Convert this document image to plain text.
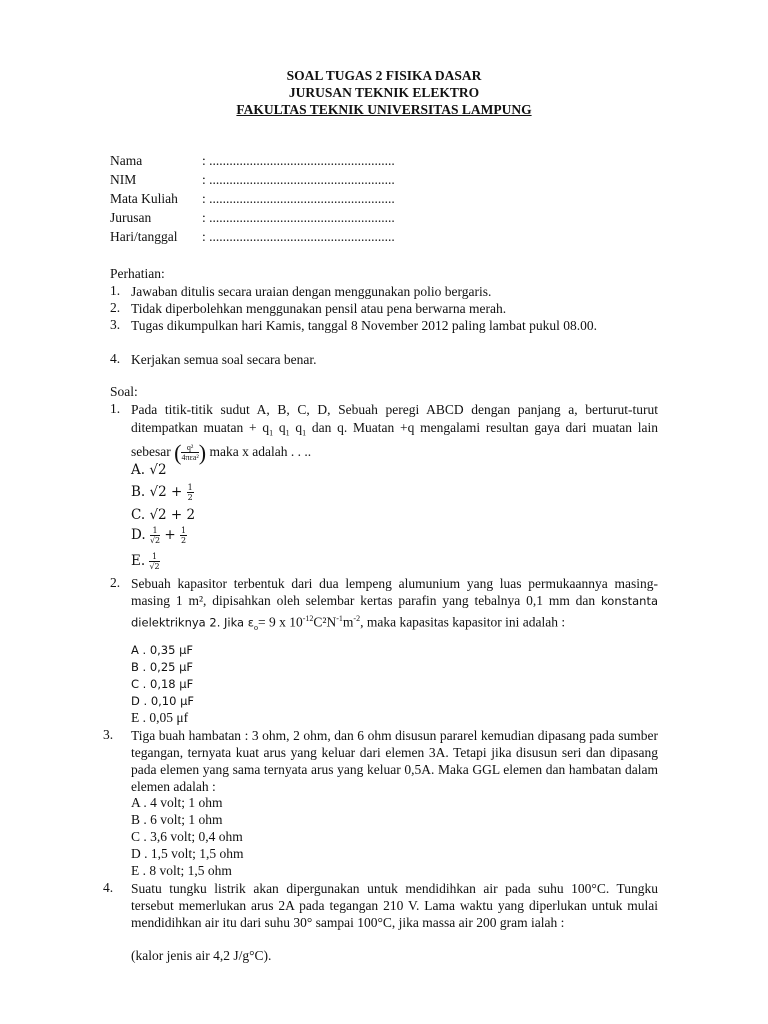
SOAL TUGAS 2 FISIKA DASAR
JURUSAN TEKNIK ELEKTRO
FAKULTAS TEKNIK UNIVERSITAS LAMPUNG
Nama	: .......................................................
NIM	: .......................................................
Mata Kuliah : .......................................................
Jurusan	: .......................................................
Hari/tanggal : .......................................................
Perhatian:
1. Jawaban ditulis secara uraian dengan menggunakan polio bergaris.
2. Tidak diperbolehkan menggunakan pensil atau pena berwarna merah.
3. Tugas dikumpulkan hari Kamis, tanggal 8 November 2012 paling lambat pukul 08.00.
4. Kerjakan semua soal secara benar.
Soal:
1. Pada titik-titik sudut A, B, C, D, Sebuah peregi ABCD dengan panjang a, berturut-turut ditempatkan $muatan + q_1$ $q_1$ $q_1$ dan q. Muatan +q mengalami resultan gaya dari muatan lain sebesar ( $\frac{\text{q²}}{\text{4πεa²}}$ ) maka x adalah . . ..
A. √2
B. $√2 + \frac{1}{2}$
C. √2 + 2
D. $\frac{1}{√2} + \frac{1}{2}$
E. $\frac{1}{√2}$
2. Sebuah kapasitor terbentuk dari dua lempeng alumunium yang luas permukaannya masing-masing 1 m², dipisahkan oleh selembar kertas parafin yang tebalnya 0,1 mm dan konstanta dielektriknya 2. Jika $\varepsilon_o= 9$ x $10^{-12}C^2N^{-1}m^{-2}$, maka kapasitas kapasitor ini adalah :
A . 0,35 μF
B . 0,25 μF
C . 0,18 μF
D . 0,10 μF
E . 0,05 μf
3. Tiga buah hambatan : 3 ohm, 2 ohm, dan 6 ohm disusun pararel kemudian dipasang pada sumber tegangan, ternyata kuat arus yang keluar dari elemen 3A. Tetapi jika disusun seri dan dipasang pada elemen yang sama ternyata arus yang keluar 0,5A. Maka GGL elemen dan hambatan dalam elemen adalah :
A . 4 volt; 1 ohm
B . 6 volt; 1 ohm
C . 3,6 volt; 0,4 ohm
D . 1,5 volt; 1,5 ohm
E . 8 volt; 1,5 ohm
4. Suatu tungku listrik akan dipergunakan untuk mendidihkan air pada suhu 100°C. Tungku tersebut memerlukan arus 2A pada tegangan 210 V. Lama waktu yang diperlukan untuk mulai mendidihkan air itu dari suhu 30° sampai 100°C, jika massa air 200 gram ialah :
(kalor jenis air 4,2 J/g°C).
